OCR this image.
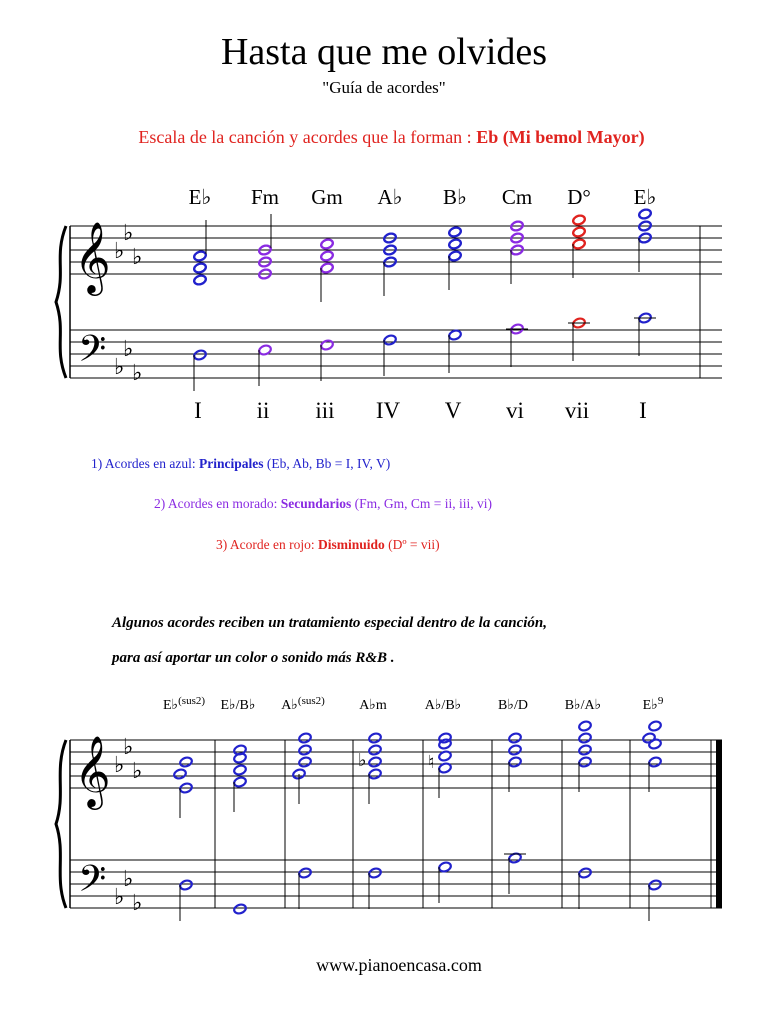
Hasta que me olvides
"Guía de acordes"
Escala de la canción y acordes que la forman : Eb (Mi bemol Mayor)
𝄞
𝄢
♭
♭
♭
♭
♭
♭
E♭ Fm Gm A♭ B♭ Cm D° E♭
I ii iii IV V vi vii I
1) Acordes en azul: Principales (Eb, Ab, Bb = I, IV, V)
2) Acordes en morado: Secundarios (Fm, Gm, Cm = ii, iii, vi)
3) Acorde en rojo: Disminuido (Dº = vii)
Algunos acordes reciben un tratamiento especial dentro de la canción,
para así aportar un color o sonido más R&B .
𝄞
𝄢
♭
♭
♭
♭
♭
♭
♭	♮
E♭$^{(sus2)}$ E♭/B♭ A♭$^{(sus2)}$ A♭m	A♭/B♭	B♭/D	B♭/A♭	E♭$^9$
www.pianoencasa.com
